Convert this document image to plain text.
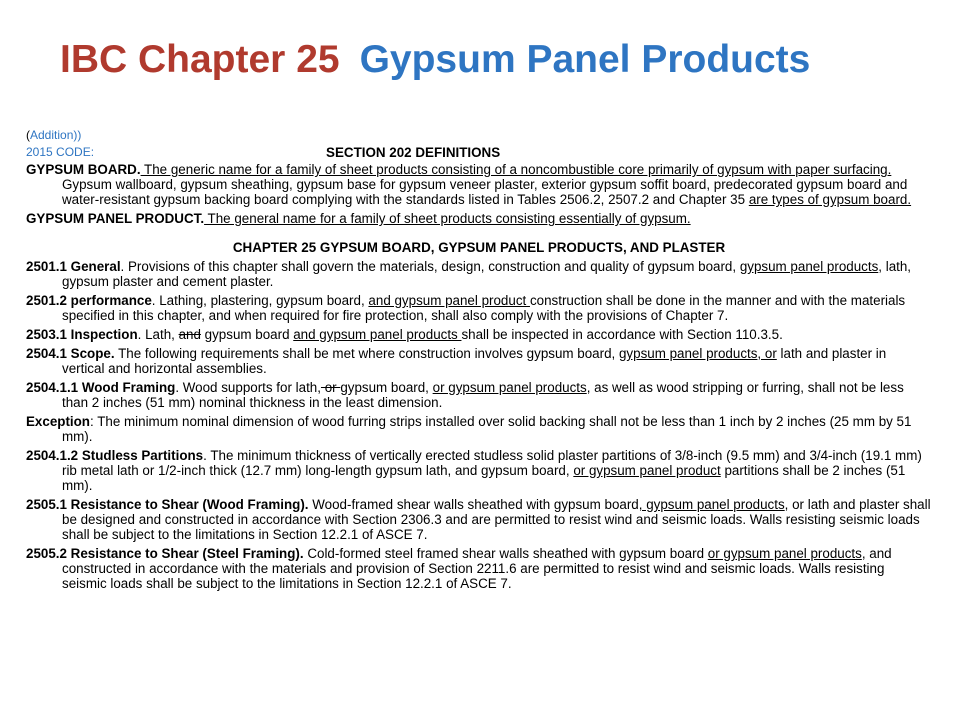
IBC Chapter 25 Gypsum Panel Products
(Addition))
2015 CODE:	SECTION 202 DEFINITIONS

GYPSUM BOARD. The generic name for a family of sheet products consisting of a noncombustible core primarily of gypsum with paper surfacing. Gypsum wallboard, gypsum sheathing, gypsum base for gypsum veneer plaster, exterior gypsum soffit board, predecorated gypsum board and water-resistant gypsum backing board complying with the standards listed in Tables 2506.2, 2507.2 and Chapter 35 are types of gypsum board.

GYPSUM PANEL PRODUCT. The general name for a family of sheet products consisting essentially of gypsum.

CHAPTER 25 GYPSUM BOARD, GYPSUM PANEL PRODUCTS, AND PLASTER

2501.1 General. Provisions of this chapter shall govern the materials, design, construction and quality of gypsum board, gypsum panel products, lath, gypsum plaster and cement plaster.

2501.2 performance. Lathing, plastering, gypsum board, and gypsum panel product construction shall be done in the manner and with the materials specified in this chapter, and when required for fire protection, shall also comply with the provisions of Chapter 7.

2503.1 Inspection. Lath, and gypsum board and gypsum panel products shall be inspected in accordance with Section 110.3.5.

2504.1 Scope. The following requirements shall be met where construction involves gypsum board, gypsum panel products, or lath and plaster in vertical and horizontal assemblies.

2504.1.1 Wood Framing. Wood supports for lath, or gypsum board, or gypsum panel products, as well as wood stripping or furring, shall not be less than 2 inches (51 mm) nominal thickness in the least dimension.

Exception: The minimum nominal dimension of wood furring strips installed over solid backing shall not be less than 1 inch by 2 inches (25 mm by 51 mm).

2504.1.2 Studless Partitions. The minimum thickness of vertically erected studless solid plaster partitions of 3/8-inch (9.5 mm) and 3/4-inch (19.1 mm) rib metal lath or 1/2-inch thick (12.7 mm) long-length gypsum lath, and gypsum board, or gypsum panel product partitions shall be 2 inches (51 mm).

2505.1 Resistance to Shear (Wood Framing). Wood-framed shear walls sheathed with gypsum board, gypsum panel products, or lath and plaster shall be designed and constructed in accordance with Section 2306.3 and are permitted to resist wind and seismic loads. Walls resisting seismic loads shall be subject to the limitations in Section 12.2.1 of ASCE 7.

2505.2 Resistance to Shear (Steel Framing). Cold-formed steel framed shear walls sheathed with gypsum board or gypsum panel products, and constructed in accordance with the materials and provision of Section 2211.6 are permitted to resist wind and seismic loads. Walls resisting seismic loads shall be subject to the limitations in Section 12.2.1 of ASCE 7.
